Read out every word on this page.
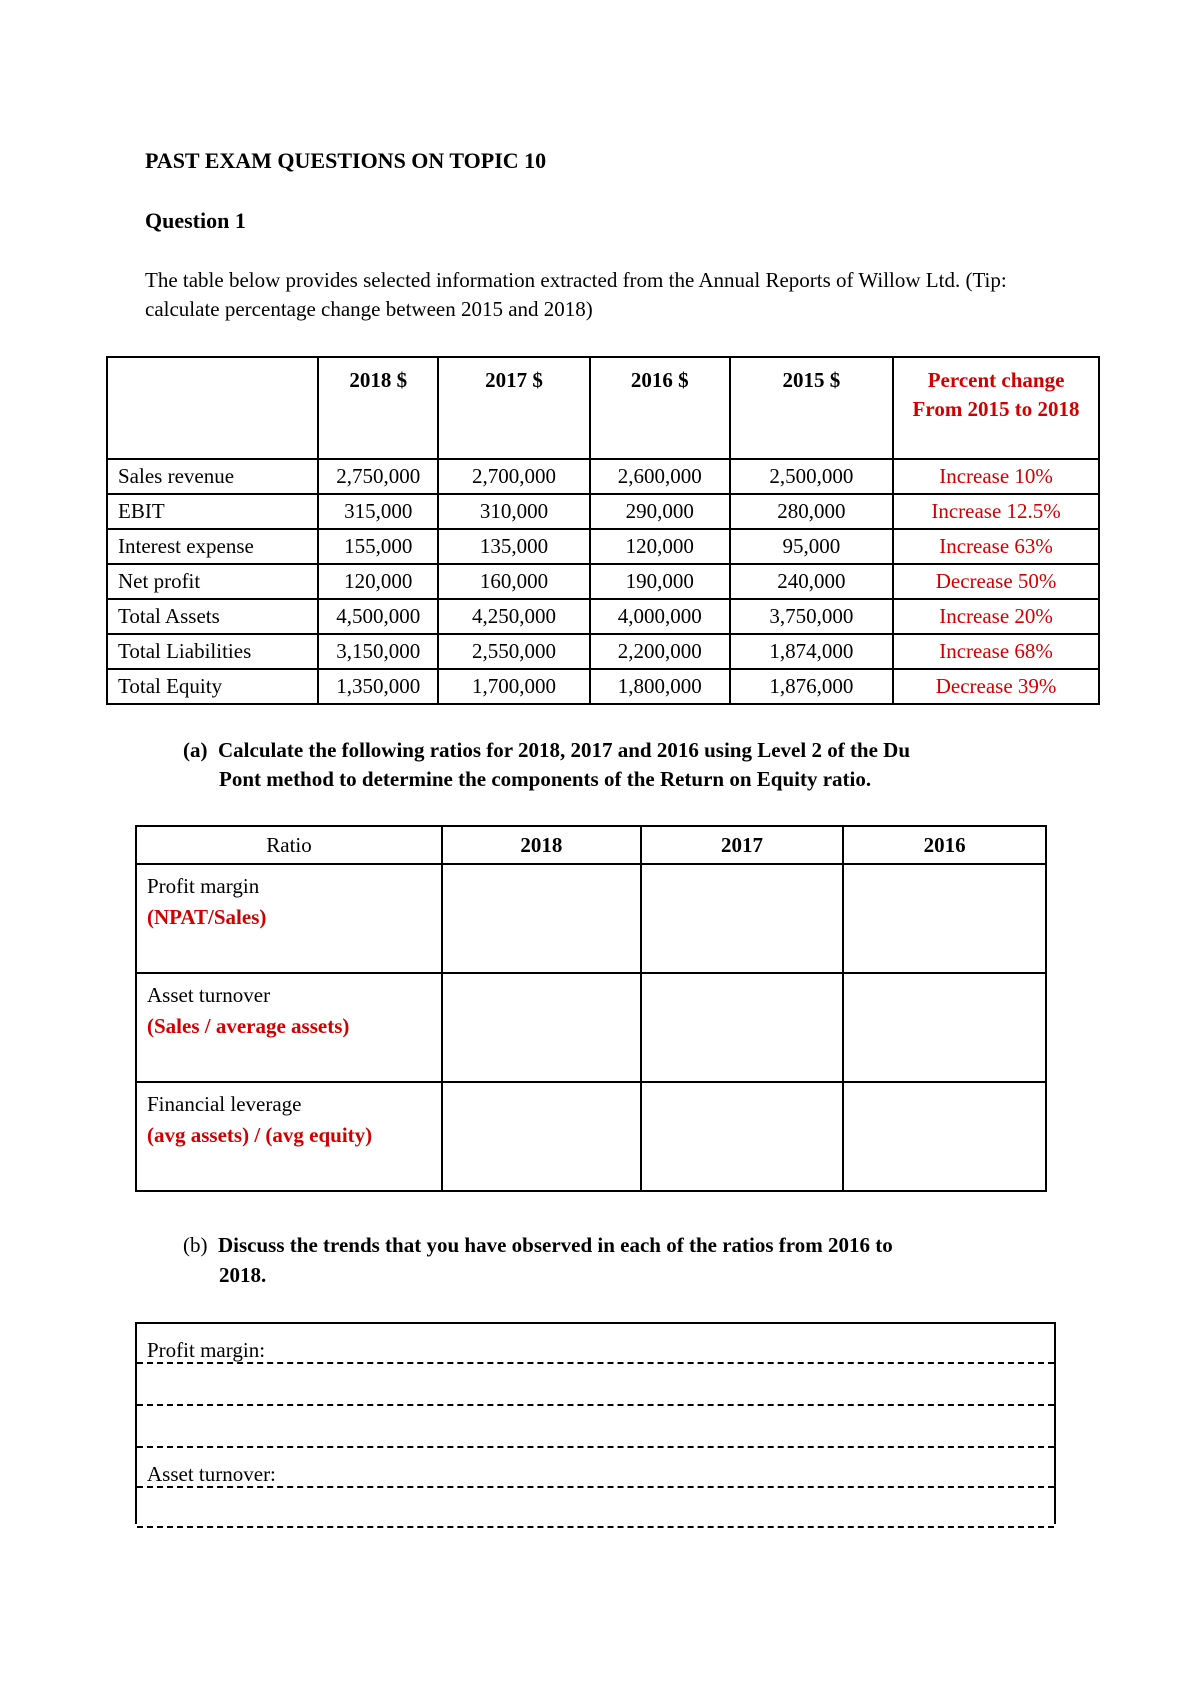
PAST EXAM QUESTIONS ON TOPIC 10
Question 1
The table below provides selected information extracted from the Annual Reports of Willow Ltd. (Tip: calculate percentage change between 2015 and 2018)
	2018 $	2017 $	2016 $	2015 $	Percent change From 2015 to 2018

Sales revenue	2,750,000	2,700,000	2,600,000	2,500,000	Increase 10%
EBIT	315,000	310,000	290,000	280,000	Increase 12.5%
Interest expense	155,000	135,000	120,000	95,000	Increase 63%
Net profit	120,000	160,000	190,000	240,000	Decrease 50%
Total Assets	4,500,000	4,250,000	4,000,000	3,750,000	Increase 20%
Total Liabilities	3,150,000	2,550,000	2,200,000	1,874,000	Increase 68%
Total Equity	1,350,000	1,700,000	1,800,000	1,876,000	Decrease 39%
(a) Calculate the following ratios for 2018, 2017 and 2016 using Level 2 of the Du
Pont method to determine the components of the Return on Equity ratio.
Ratio	2018	2017	2016

Profit margin
(NPAT/Sales)			

Asset turnover
(Sales / average assets)			

Financial leverage
(avg assets) / (avg equity)			

(b) Discuss the trends that you have observed in each of the ratios from 2016 to
2018.
Profit margin:
Asset turnover:
